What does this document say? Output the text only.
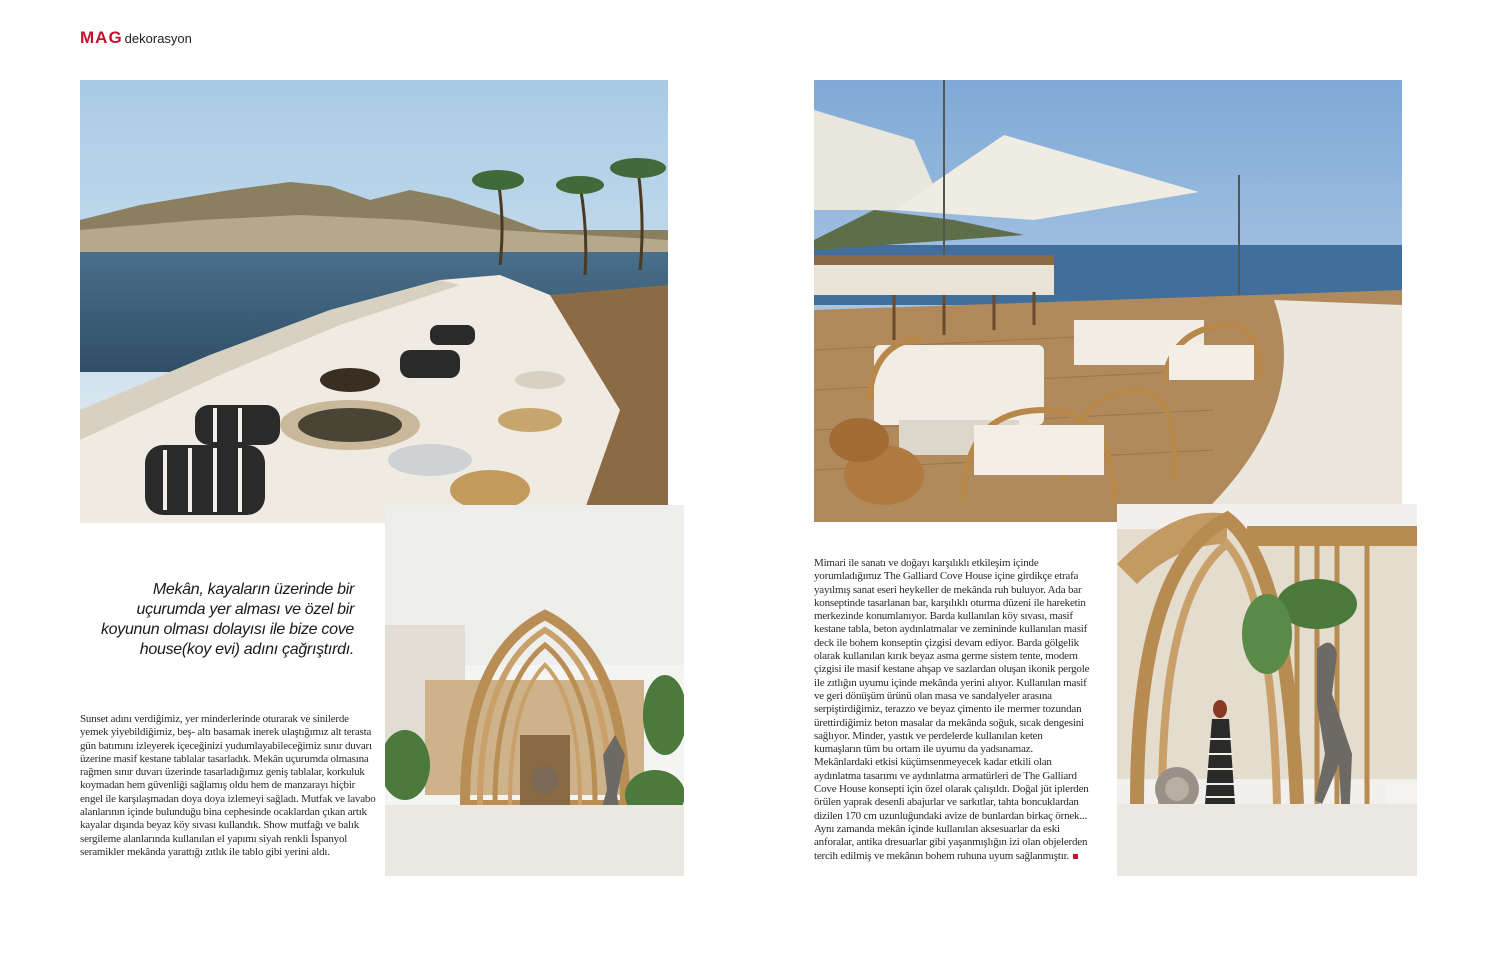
MAG dekorasyon
Mekân, kayaların üzerinde bir uçurumda yer alması ve özel bir koyunun olması dolayısı ile bize cove house(koy evi) adını çağrıştırdı.
Sunset adını verdiğimiz, yer minderlerinde oturarak ve sinilerde yemek yiyebildiğimiz, beş- altı basamak inerek ulaştığımız alt terasta gün batımını izleyerek içeceğinizi yudumlayabileceğimiz sınır duvarı üzerine masif kestane tablalar tasarladık. Mekân uçurumda olmasına rağmen sınır duvarı üzerinde tasarladığımız geniş tablalar, korkuluk koymadan hem güvenliği sağlamış oldu hem de manzarayı hiçbir engel ile karşılaşmadan doya doya izlemeyi sağladı. Mutfak ve lavabo alanlarının içinde bulunduğu bina cephesinde ocaklardan çıkan artık kayalar dışında beyaz köy sıvası kullandık. Show mutfağı ve balık sergileme alanlarında kullanılan el yapımı siyah renkli İspanyol seramikler mekânda yarattığı zıtlık ile tablo gibi yerini aldı.
Mimari ile sanatı ve doğayı karşılıklı etkileşim içinde yorumladığımız The Galliard Cove House içine girdikçe etrafa yayılmış sanat eseri heykeller de mekânda ruh buluyor. Ada bar konseptinde tasarlanan bar, karşılıklı oturma düzeni ile hareketin merkezinde konumlanıyor. Barda kullanılan köy sıvası, masif kestane tabla, beton aydınlatmalar ve zemininde kullanılan masif deck ile bohem konseptin çizgisi devam ediyor. Barda gölgelik olarak kullanılan kırık beyaz asma germe sistem tente, modern çizgisi ile masif kestane ahşap ve sazlardan oluşan ikonik pergole ile zıtlığın uyumu içinde mekânda yerini alıyor. Kullanılan masif ve geri dönüşüm ürünü olan masa ve sandalyeler arasına serpiştirdiğimiz, terazzo ve beyaz çimento ile mermer tozundan ürettirdiğimiz beton masalar da mekânda soğuk, sıcak dengesini sağlıyor. Minder, yastık ve perdelerde kullanılan keten kumaşların tüm bu ortam ile uyumu da yadsınamaz. Mekânlardaki etkisi küçümsenmeyecek kadar etkili olan aydınlatma tasarımı ve aydınlatma armatürleri de The Galliard Cove House konsepti için özel olarak çalışıldı. Doğal jüt iplerden örülen yaprak desenli abajurlar ve sarkıtlar, tahta boncuklardan dizilen 170 cm uzunluğundaki avize de bunlardan birkaç örnek... Aynı zamanda mekân içinde kullanılan aksesuarlar da eski anforalar, antika dresuarlar gibi yaşanmışlığın izi olan objelerden tercih edilmiş ve mekânın bohem ruhuna uyum sağlanmıştır.
